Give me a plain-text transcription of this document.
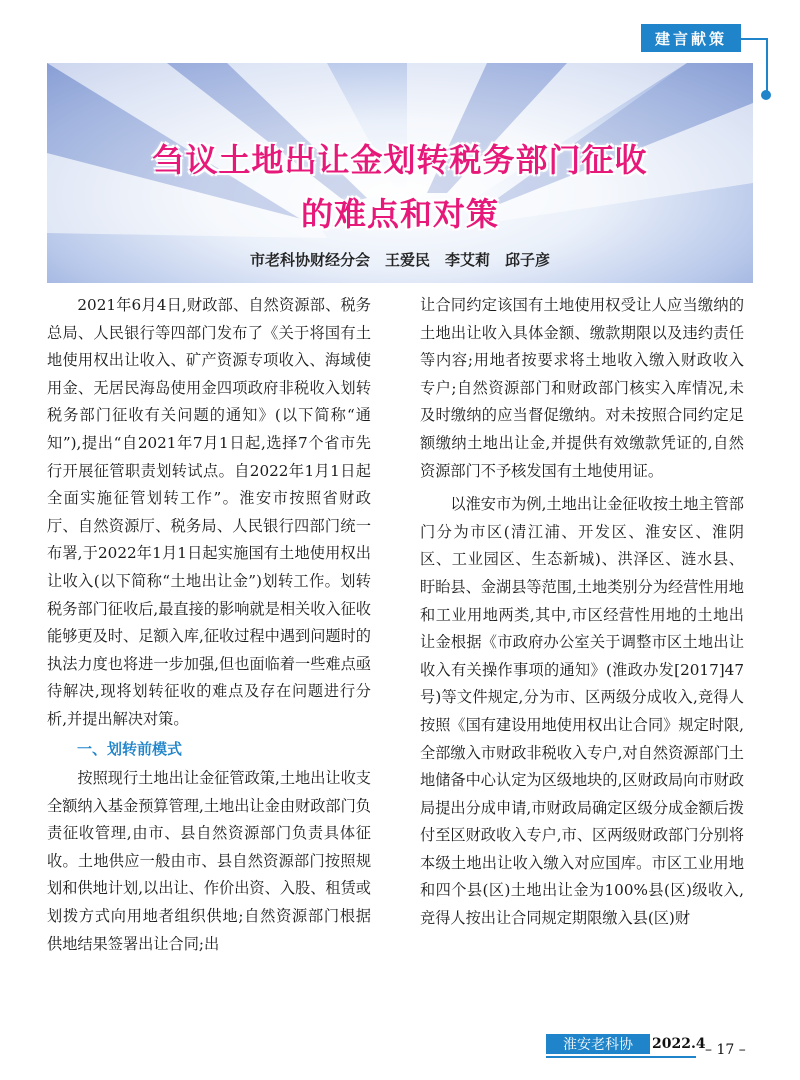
建言献策
刍议土地出让金划转税务部门征收
的难点和对策
市老科协财经分会　王爱民　李艾莉　邱子彦

2021年6月4日,财政部、自然资源部、税务总局、人民银行等四部门发布了《关于将国有土地使用权出让收入、矿产资源专项收入、海域使用金、无居民海岛使用金四项政府非税收入划转税务部门征收有关问题的通知》(以下简称“通知”),提出“自2021年7月1日起,选择7个省市先行开展征管职责划转试点。自2022年1月1日起全面实施征管划转工作”。淮安市按照省财政厅、自然资源厅、税务局、人民银行四部门统一布署,于2022年1月1日起实施国有土地使用权出让收入(以下简称“土地出让金”)划转工作。划转税务部门征收后,最直接的影响就是相关收入征收能够更及时、足额入库,征收过程中遇到问题时的执法力度也将进一步加强,但也面临着一些难点亟待解决,现将划转征收的难点及存在问题进行分析,并提出解决对策。

一、划转前模式

按照现行土地出让金征管政策,土地出让收支全额纳入基金预算管理,土地出让金由财政部门负责征收管理,由市、县自然资源部门负责具体征收。土地供应一般由市、县自然资源部门按照规划和供地计划,以出让、作价出资、入股、租赁或划拨方式向用地者组织供地;自然资源部门根据供地结果签署出让合同;出

让合同约定该国有土地使用权受让人应当缴纳的土地出让收入具体金额、缴款期限以及违约责任等内容;用地者按要求将土地收入缴入财政收入专户;自然资源部门和财政部门核实入库情况,未及时缴纳的应当督促缴纳。对未按照合同约定足额缴纳土地出让金,并提供有效缴款凭证的,自然资源部门不予核发国有土地使用证。

以淮安市为例,土地出让金征收按土地主管部门分为市区(清江浦、开发区、淮安区、淮阴区、工业园区、生态新城)、洪泽区、涟水县、盱眙县、金湖县等范围,土地类别分为经营性用地和工业用地两类,其中,市区经营性用地的土地出让金根据《市政府办公室关于调整市区土地出让收入有关操作事项的通知》(淮政办发[2017]47号)等文件规定,分为市、区两级分成收入,竞得人按照《国有建设用地使用权出让合同》规定时限,全部缴入市财政非税收入专户,对自然资源部门土地储备中心认定为区级地块的,区财政局向市财政局提出分成申请,市财政局确定区级分成金额后拨付至区财政收入专户,市、区两级财政部门分别将本级土地出让收入缴入对应国库。市区工业用地和四个县(区)土地出让金为100%县(区)级收入,竞得人按出让合同规定期限缴入县(区)财

淮安老科协	2022.4 – 17 –
